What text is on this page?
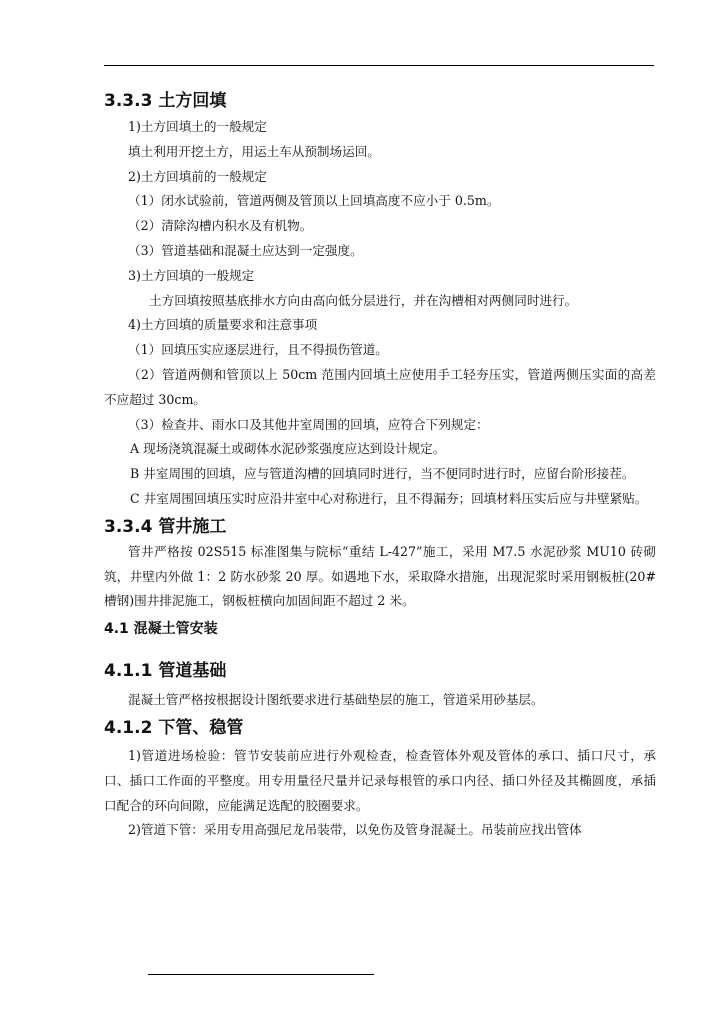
3.3.3 土方回填

1)土方回填土的一般规定

填土利用开挖土方，用运土车从预制场运回。

2)土方回填前的一般规定

（1）闭水试验前，管道两侧及管顶以上回填高度不应小于 0.5m。

（2）清除沟槽内积水及有机物。

（3）管道基础和混凝土应达到一定强度。

3)土方回填的一般规定

土方回填按照基底排水方向由高向低分层进行，并在沟槽相对两侧同时进行。

4)土方回填的质量要求和注意事项

（1）回填压实应逐层进行，且不得损伤管道。

（2）管道两侧和管顶以上 50cm 范围内回填土应使用手工轻夯压实，管道两侧压实面的高差不应超过 30cm。

（3）检查井、雨水口及其他井室周围的回填，应符合下列规定：

A 现场浇筑混凝土或砌体水泥砂浆强度应达到设计规定。

B 井室周围的回填，应与管道沟槽的回填同时进行，当不便同时进行时，应留台阶形接茬。

C 井室周围回填压实时应沿井室中心对称进行，且不得漏夯；回填材料压实后应与井壁紧贴。

3.3.4 管井施工

管井严格按 02S515 标准图集与院标“重结 L-427”施工，采用 M7.5 水泥砂浆 MU10 砖砌筑，井壁内外做 1：2 防水砂浆 20 厚。如遇地下水，采取降水措施，出现泥浆时采用钢板桩(20#槽钢)围井排泥施工，钢板桩横向加固间距不超过 2 米。

4.1 混凝土管安装
4.1.1 管道基础

混凝土管严格按根据设计图纸要求进行基础垫层的施工，管道采用砂基层。

4.1.2 下管、稳管

1)管道进场检验：管节安装前应进行外观检查，检查管体外观及管体的承口、插口尺寸，承口、插口工作面的平整度。用专用量径尺量并记录每根管的承口内径、插口外径及其椭圆度，承插口配合的环向间隙，应能满足选配的胶圈要求。

2)管道下管：采用专用高强尼龙吊装带，以免伤及管身混凝土。吊装前应找出管体
